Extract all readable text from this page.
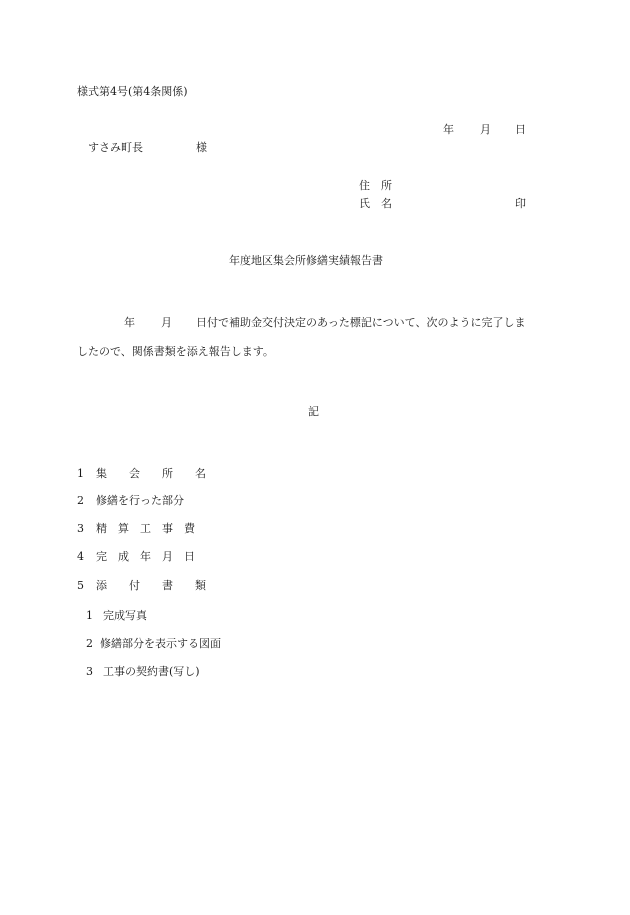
様式第4号(第4条関係)
年 月 日
すさみ町長	様
住　所
氏　名	印
年度地区集会所修繕実績報告書
年 月 日付で補助金交付決定のあった標記について、次のように完了しま
したので、関係書類を添え報告します。
記
1 集　　会　　所　　名
2 修繕を行った部分
3 精　算　工　事　費
4 完　成　年　月　日
5 添　　付　　書　　類
1 完成写真
2 修繕部分を表示する図面
3 工事の契約書(写し)
